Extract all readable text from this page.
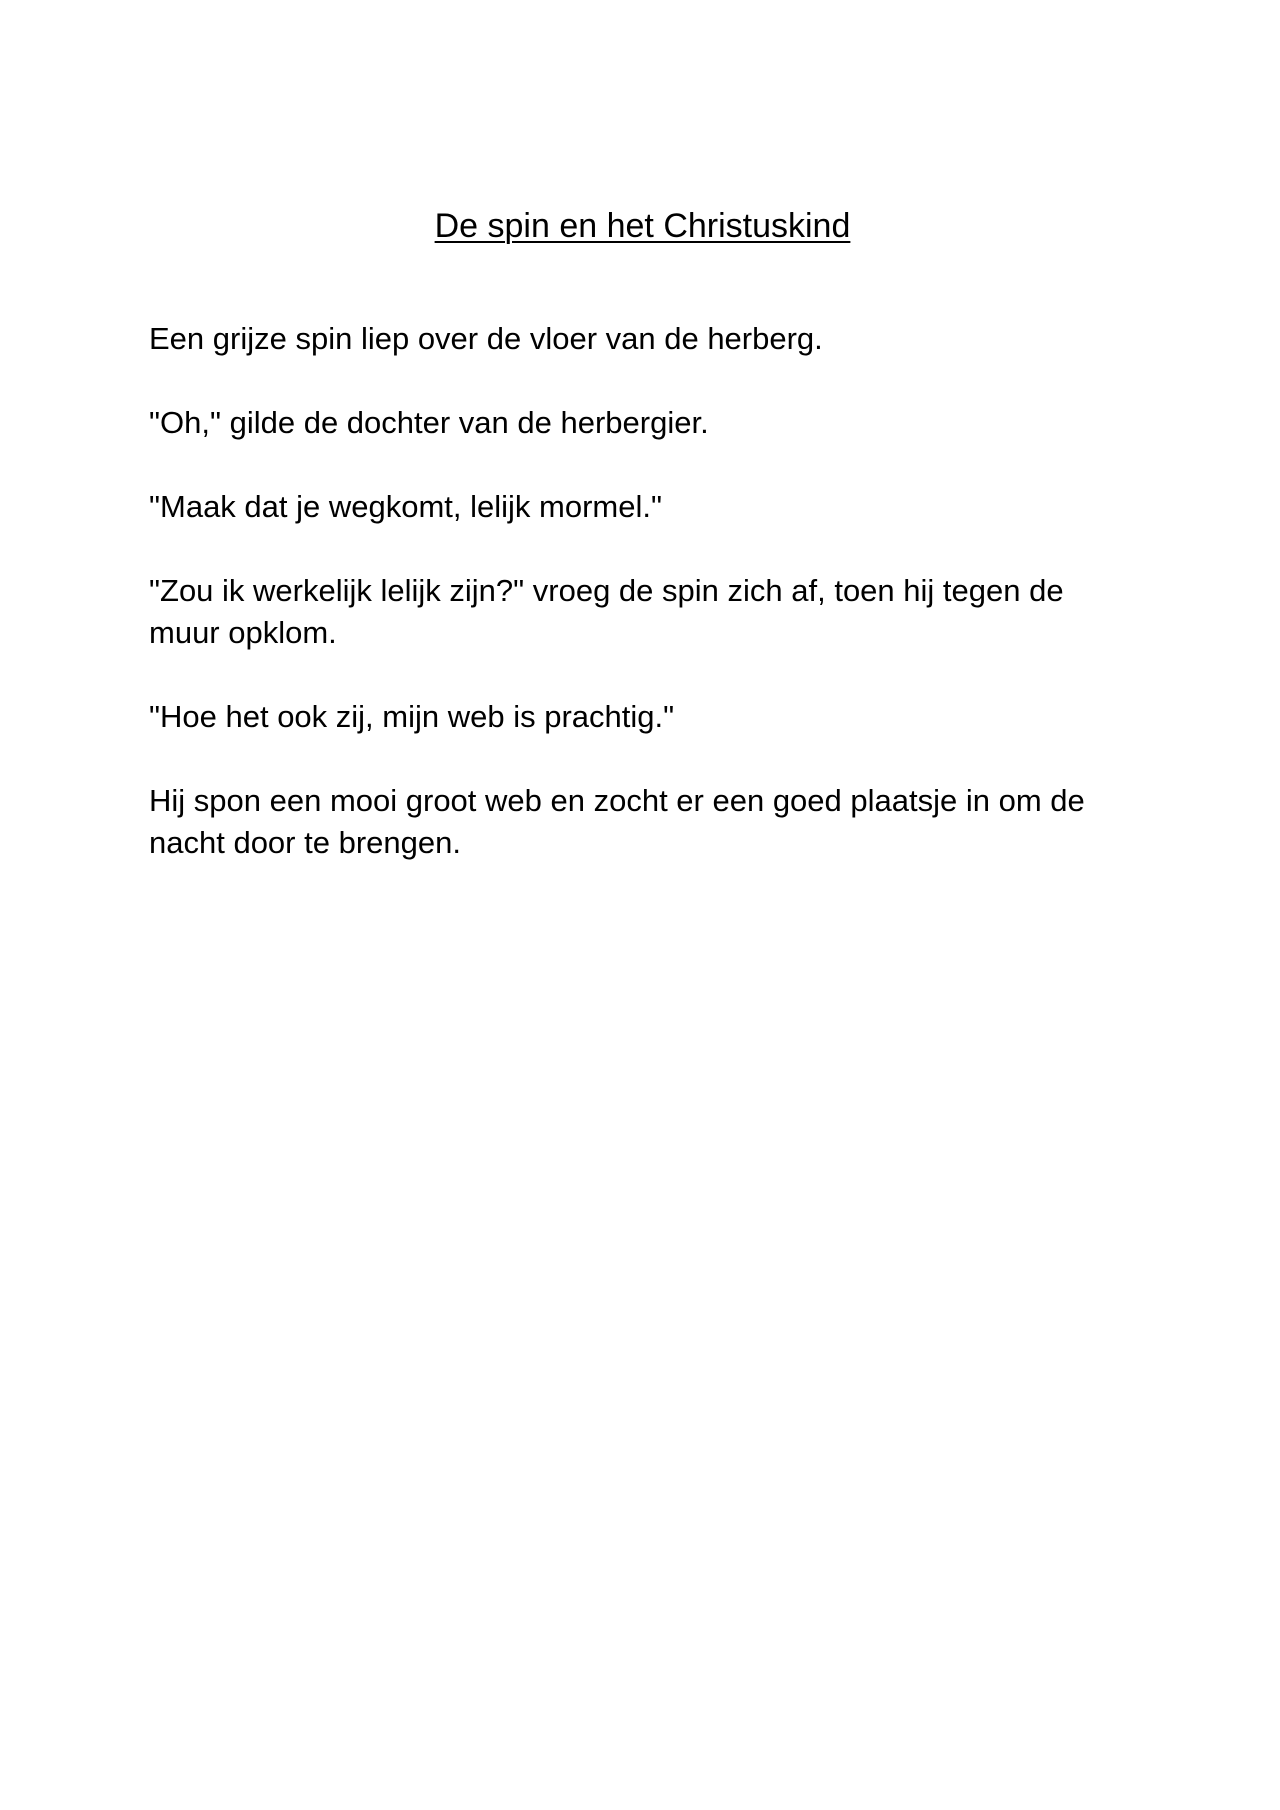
De spin en het Christuskind

Een grijze spin liep over de vloer van de herberg.

"Oh," gilde de dochter van de herbergier.

"Maak dat je wegkomt, lelijk mormel."

"Zou ik werkelijk lelijk zijn?" vroeg de spin zich af, toen hij tegen de muur opklom.

"Hoe het ook zij, mijn web is prachtig."

Hij spon een mooi groot web en zocht er een goed plaatsje in om de nacht door te brengen.
